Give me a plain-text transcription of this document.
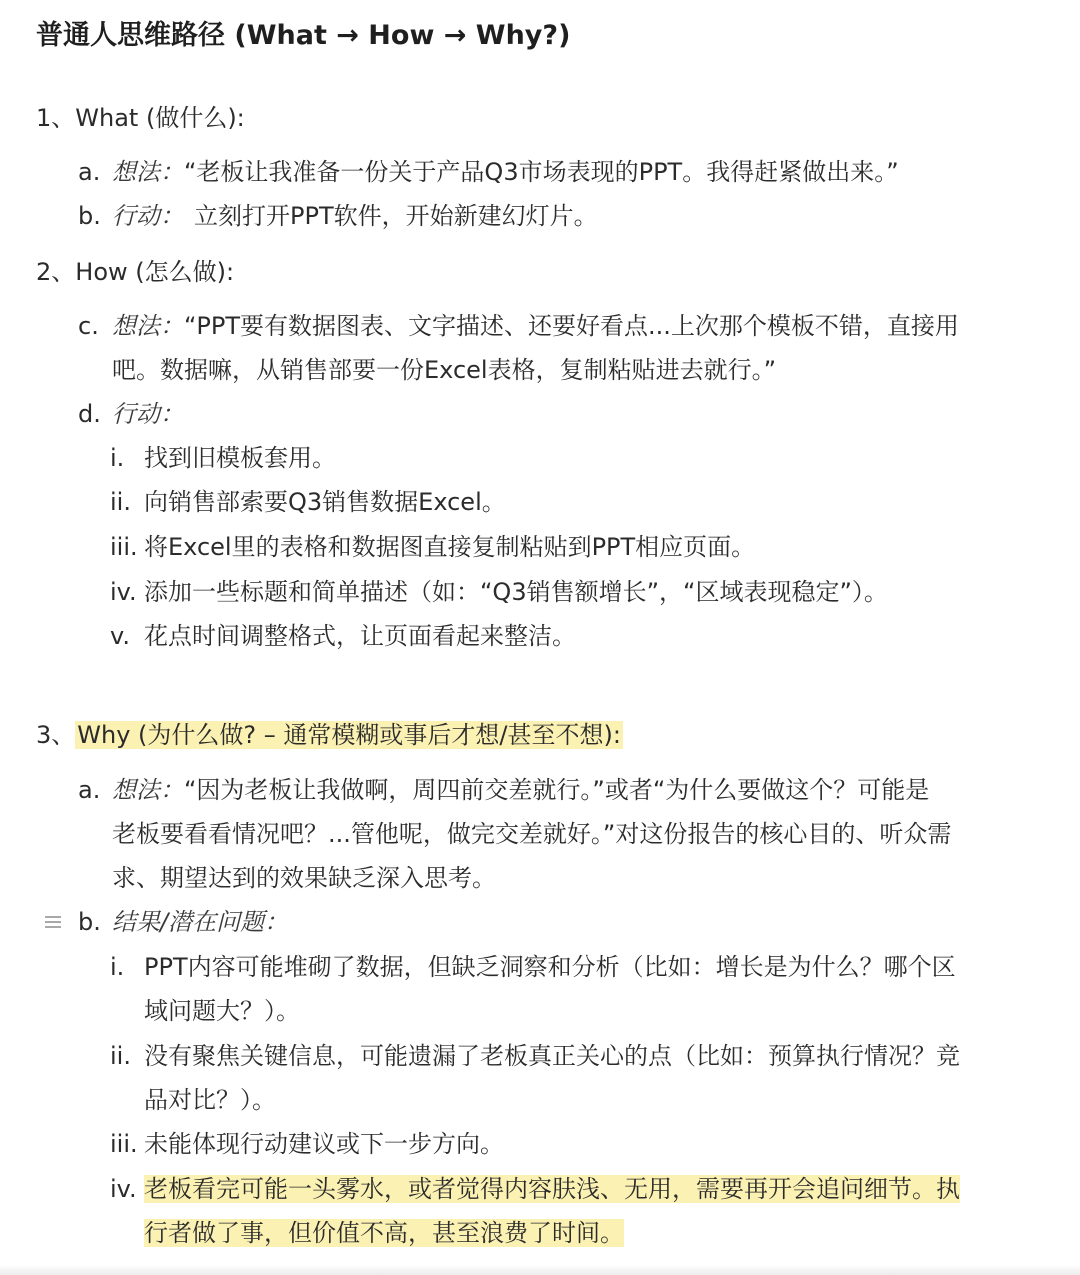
普通人思维路径 (What → How → Why?)
1、What (做什么):
a. 想法：“老板让我准备一份关于产品Q3市场表现的PPT。我得赶紧做出来。”
b. 行动： 立刻打开PPT软件，开始新建幻灯片。
2、How (怎么做):
c. 想法：“PPT要有数据图表、文字描述、还要好看点...上次那个模板不错，直接用
吧。数据嘛，从销售部要一份Excel表格，复制粘贴进去就行。”
d. 行动：
i. 找到旧模板套用。
ii. 向销售部索要Q3销售数据Excel。
iii. 将Excel里的表格和数据图直接复制粘贴到PPT相应页面。
iv. 添加一些标题和简单描述（如：“Q3销售额增长”，“区域表现稳定”）。
v. 花点时间调整格式，让页面看起来整洁。
3、Why (为什么做? – 通常模糊或事后才想/甚至不想):
a. 想法：“因为老板让我做啊，周四前交差就行。”或者“为什么要做这个？可能是
老板要看看情况吧？...管他呢，做完交差就好。”对这份报告的核心目的、听众需
求、期望达到的效果缺乏深入思考。
b. 结果/潜在问题：
i. PPT内容可能堆砌了数据，但缺乏洞察和分析（比如：增长是为什么？哪个区
域问题大？）。
ii. 没有聚焦关键信息，可能遗漏了老板真正关心的点（比如：预算执行情况？竞
品对比？）。
iii. 未能体现行动建议或下一步方向。
iv. 老板看完可能一头雾水，或者觉得内容肤浅、无用，需要再开会追问细节。执
行者做了事，但价值不高，甚至浪费了时间。
